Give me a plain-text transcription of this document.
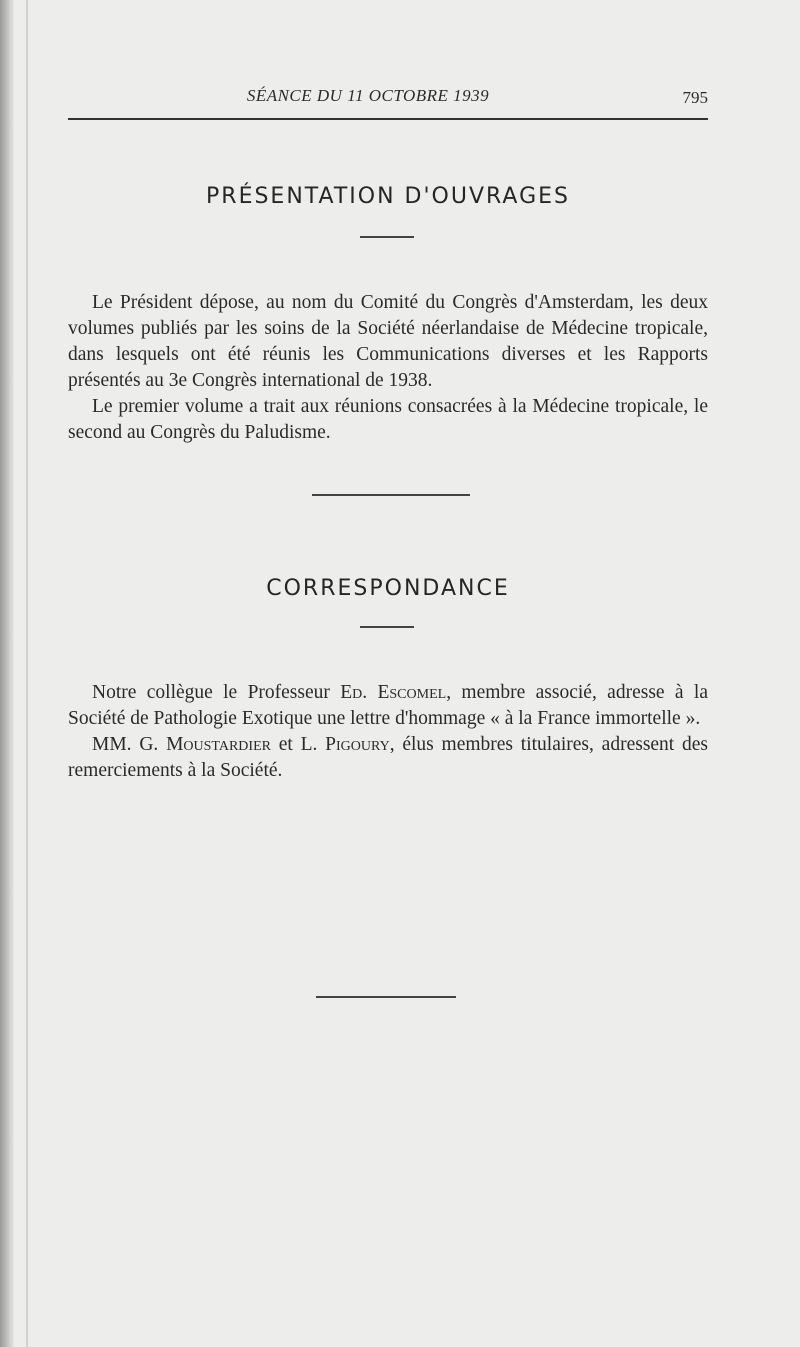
SÉANCE DU 11 OCTOBRE 1939	795
PRÉSENTATION D'OUVRAGES

Le Président dépose, au nom du Comité du Congrès d'Amsterdam, les deux volumes publiés par les soins de la Société néerlandaise de Médecine tropicale, dans lesquels ont été réunis les Communications diverses et les Rapports présentés au 3e Congrès international de 1938.

Le premier volume a trait aux réunions consacrées à la Médecine tropicale, le second au Congrès du Paludisme.

CORRESPONDANCE

Notre collègue le Professeur Ed. Escomel, membre associé, adresse à la Société de Pathologie Exotique une lettre d'hommage « à la France immortelle ».

MM. G. Moustardier et L. Pigoury, élus membres titulaires, adressent des remerciements à la Société.
